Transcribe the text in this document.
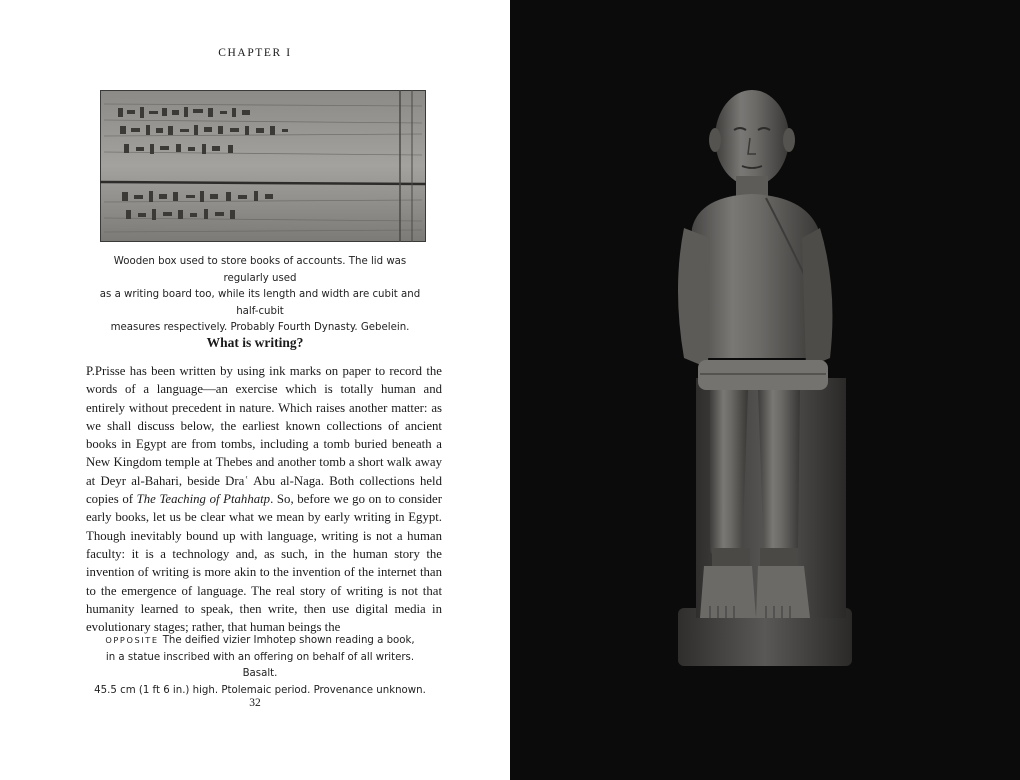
CHAPTER I
Wooden box used to store books of accounts. The lid was regularly used
as a writing board too, while its length and width are cubit and half-cubit
measures respectively. Probably Fourth Dynasty. Gebelein.
What is writing?
P.Prisse has been written by using ink marks on paper to record the words of a language—an exercise which is totally human and entirely without precedent in nature. Which raises another matter: as we shall discuss below, the earliest known collections of ancient books in Egypt are from tombs, including a tomb buried beneath a New Kingdom temple at Thebes and another tomb a short walk away at Deyr al-Bahari, beside Draʿ Abu al-Naga. Both collections held copies of The Teaching of Ptahhatp. So, before we go on to consider early books, let us be clear what we mean by early writing in Egypt. Though inevitably bound up with language, writing is not a human faculty: it is a technology and, as such, in the human story the invention of writing is more akin to the invention of the internet than to the emergence of language. The real story of writing is not that humanity learned to speak, then write, then use digital media in evolutionary stages; rather, that human beings the
OPPOSITE The deified vizier Imhotep shown reading a book,
in a statue inscribed with an offering on behalf of all writers. Basalt.
45.5 cm (1 ft 6 in.) high. Ptolemaic period. Provenance unknown.
32
